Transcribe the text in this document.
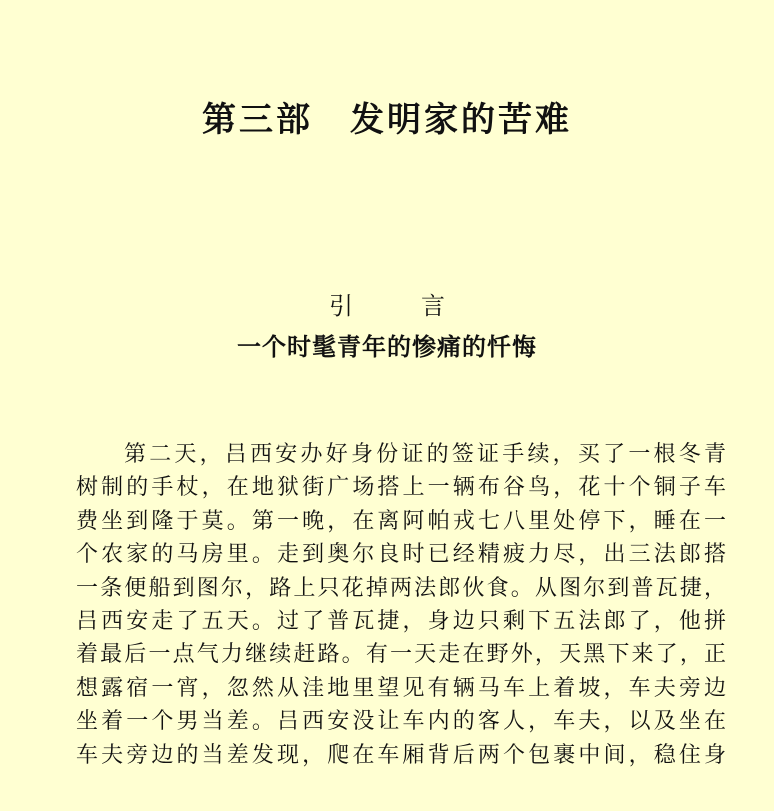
第三部　发明家的苦难
引	言
一个时髦青年的惨痛的忏悔
第二天，吕西安办好身份证的签证手续，买了一根冬青
树制的手杖，在地狱街广场搭上一辆布谷鸟，花十个铜子车
费坐到隆于莫。第一晚，在离阿帕戎七八里处停下，睡在一
个农家的马房里。走到奥尔良时已经精疲力尽，出三法郎搭
一条便船到图尔，路上只花掉两法郎伙食。从图尔到普瓦捷，
吕西安走了五天。过了普瓦捷，身边只剩下五法郎了，他拼
着最后一点气力继续赶路。有一天走在野外，天黑下来了，正
想露宿一宵，忽然从洼地里望见有辆马车上着坡，车夫旁边
坐着一个男当差。吕西安没让车内的客人，车夫，以及坐在
车夫旁边的当差发现，爬在车厢背后两个包裹中间，稳住身
